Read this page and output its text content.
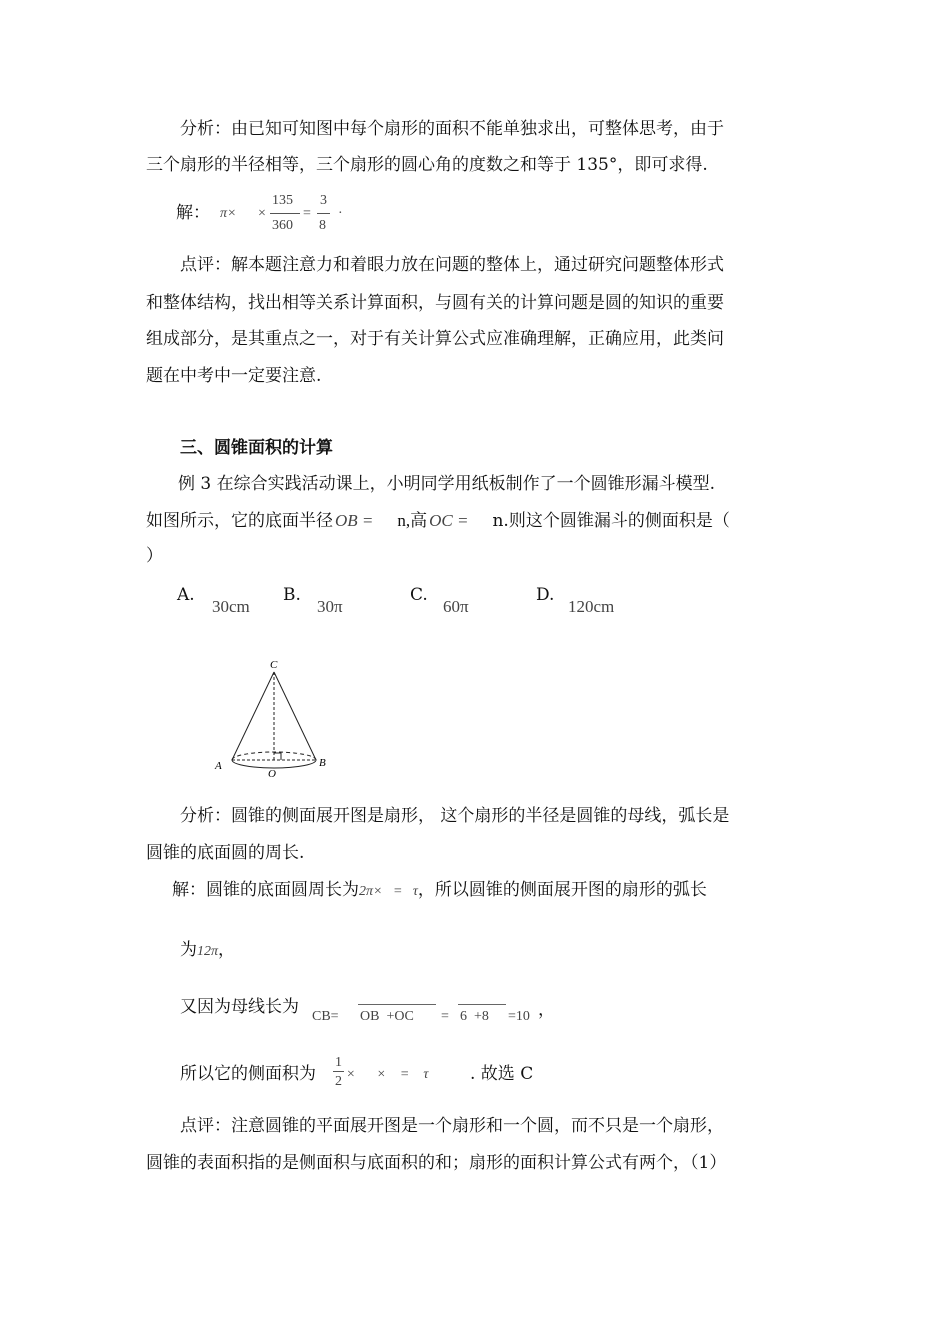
分析：由已知可知图中每个扇形的面积不能单独求出，可整体思考，由于
三个扇形的半径相等，三个扇形的圆心角的度数之和等于 135°，即可求得.
解： π× ×
135
360
=
3
8
·
点评：解本题注意力和着眼力放在问题的整体上，通过研究问题整体形式
和整体结构，找出相等关系计算面积，与圆有关的计算问题是圆的知识的重要
组成部分，是其重点之一，对于有关计算公式应准确理解，正确应用，此类问
题在中考中一定要注意.
三、圆锥面积的计算
例 3 在综合实践活动课上，小明同学用纸板制作了一个圆锥形漏斗模型.
如图所示，它的底面半径 OB = n,高 OC = n.则这个圆锥漏斗的侧面积是（
）
A.
30cm
B.
30π
C.
60π
D.
120cm
C
A
O
B
分析：圆锥的侧面展开图是扇形， 这个扇形的半径是圆锥的母线，弧长是
圆锥的底面圆的周长.
解：圆锥的底面圆周长为2π×   =   τ，所以圆锥的侧面展开图的扇形的弧长
为12π，
又因为母线长为 CB= OB  +OC = 6  +8 =10 ，
所以它的侧面积为
1
2 ×      ×    =    τ . 故选 C
点评：注意圆锥的平面展开图是一个扇形和一个圆，而不只是一个扇形，
圆锥的表面积指的是侧面积与底面积的和；扇形的面积计算公式有两个，（1）
